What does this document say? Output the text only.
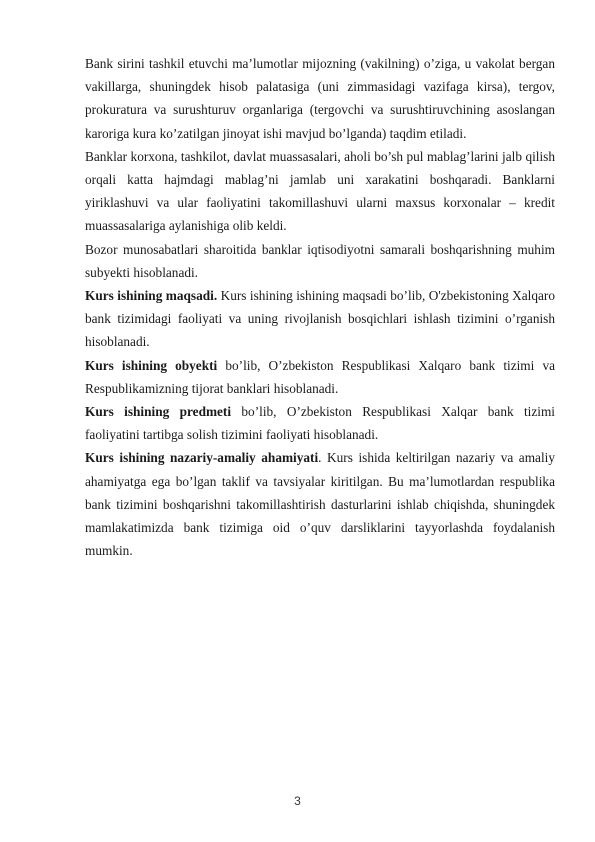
Bank sirini tashkil etuvchi ma’lumotlar mijozning (vakilning) o’ziga, u vakolat bergan vakillarga, shuningdek hisob palatasiga (uni zimmasidagi vazifaga kirsa), tergov, prokuratura va surushturuv organlariga (tergovchi va surushtiruvchining asoslangan karoriga kura ko’zatilgan jinoyat ishi mavjud bo’lganda) taqdim etiladi.

Banklar korxona, tashkilot, davlat muassasalari, aholi bo’sh pul mablag’larini jalb qilish orqali katta hajmdagi mablag’ni jamlab uni xarakatini boshqaradi. Banklarni yiriklashuvi va ular faoliyatini takomillashuvi ularni maxsus korxonalar – kredit muassasalariga aylanishiga olib keldi.

Bozor munosabatlari sharoitida banklar iqtisodiyotni samarali boshqarishning muhim subyekti hisoblanadi.

Kurs ishining maqsadi. Kurs ishining ishining maqsadi bo’lib, O'zbekistoning Xalqaro bank tizimidagi faoliyati va uning rivojlanish bosqichlari ishlash tizimini o’rganish hisoblanadi.

Kurs ishining obyekti bo’lib, O’zbekiston Respublikasi Xalqaro bank tizimi va Respublikamizning tijorat banklari hisoblanadi.

Kurs ishining predmeti bo’lib, O’zbekiston Respublikasi Xalqar bank tizimi faoliyatini tartibga solish tizimini faoliyati hisoblanadi.

Kurs ishining nazariy-amaliy ahamiyati. Kurs ishida keltirilgan nazariy va amaliy ahamiyatga ega bo’lgan taklif va tavsiyalar kiritilgan. Bu ma’lumotlardan respublika bank tizimini boshqarishni takomillashtirish dasturlarini ishlab chiqishda, shuningdek mamlakatimizda bank tizimiga oid o’quv darsliklarini tayyorlashda foydalanish mumkin.

3
